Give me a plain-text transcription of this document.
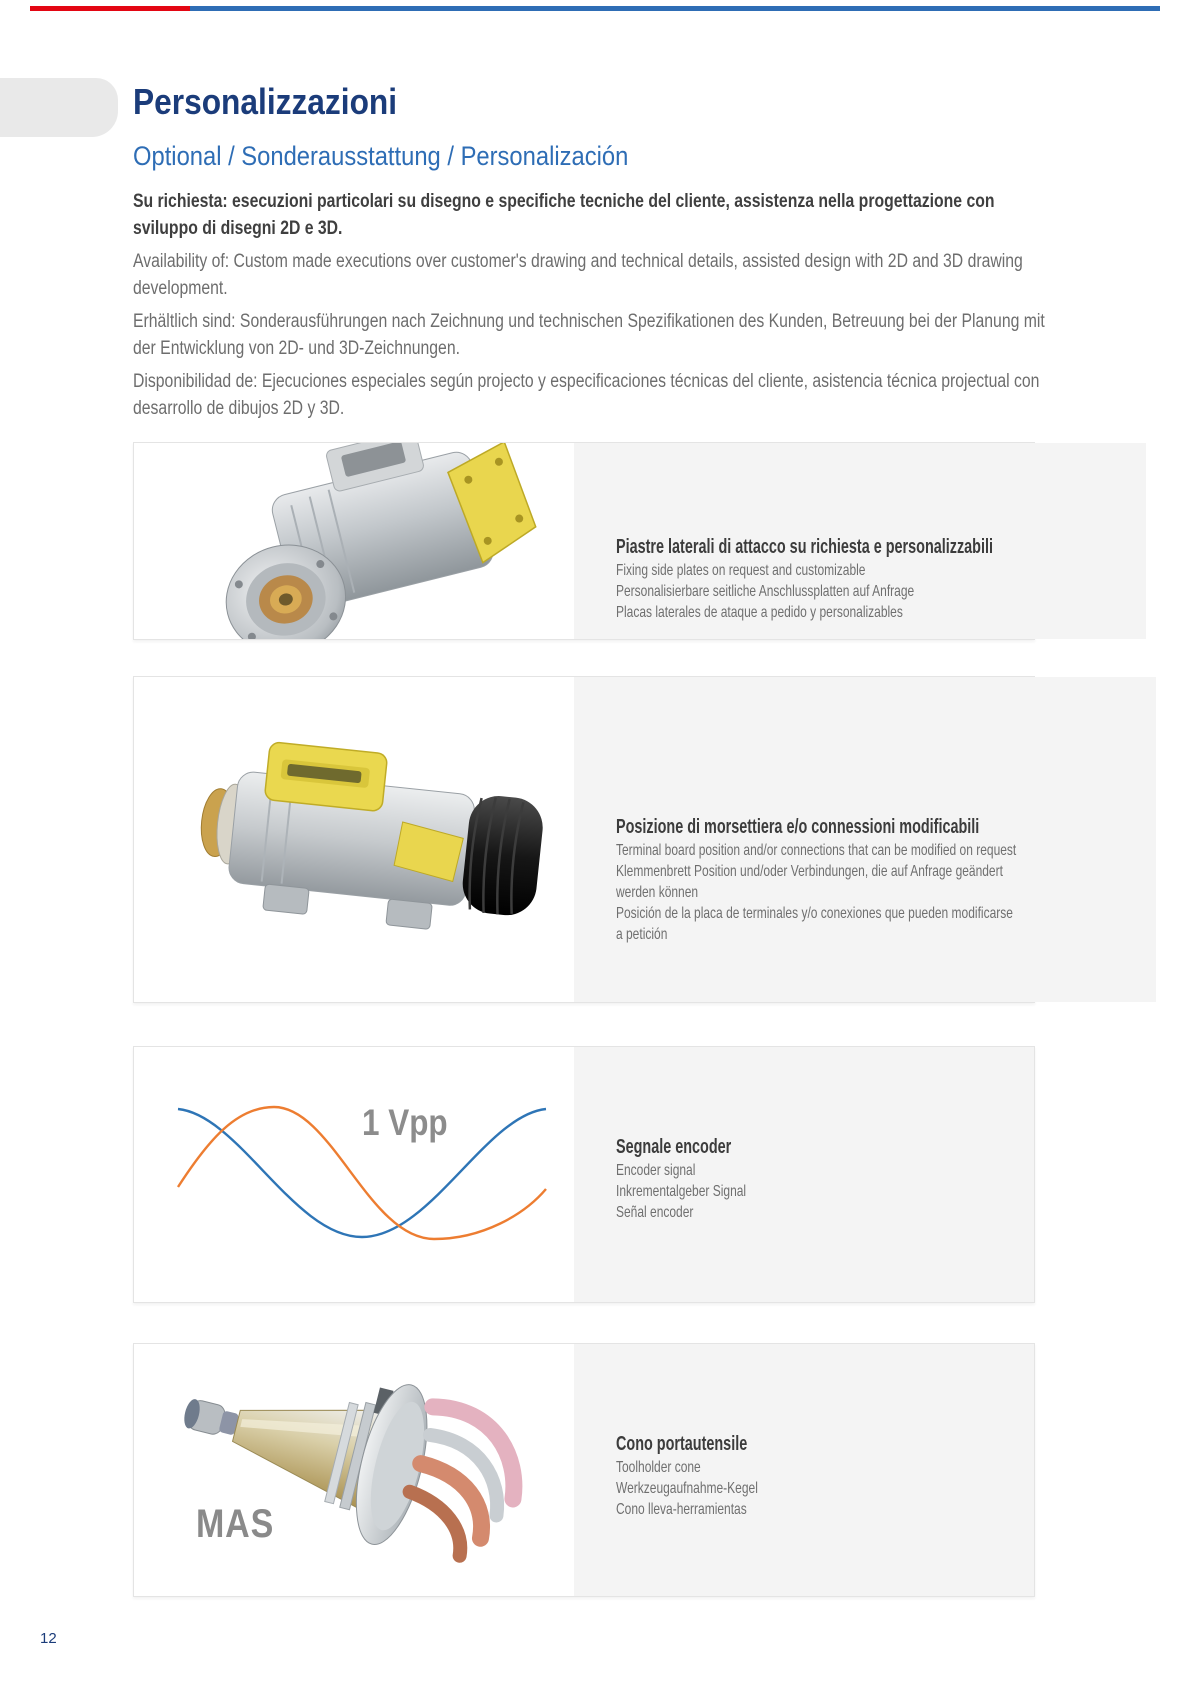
Personalizzazioni
Optional / Sonderausstattung / Personalización
Su richiesta: esecuzioni particolari su disegno e specifiche tecniche del cliente, assistenza nella progettazione con
sviluppo di disegni 2D e 3D.
Availability of: Custom made executions over customer's drawing and technical details, assisted design with 2D and 3D drawing
development.
Erhältlich sind: Sonderausführungen nach Zeichnung und technischen Spezifikationen des Kunden, Betreuung bei der Planung mit
der Entwicklung von 2D- und 3D-Zeichnungen.
Disponibilidad de: Ejecuciones especiales según projecto y especificaciones técnicas del cliente, asistencia técnica projectual con
desarrollo de dibujos 2D y 3D.
Piastre laterali di attacco su richiesta e personalizzabili
Fixing side plates on request and customizable
Personalisierbare seitliche Anschlussplatten auf Anfrage
Placas laterales de ataque a pedido y personalizables
Posizione di morsettiera e/o connessioni modificabili
Terminal board position and/or connections that can be modified on request
Klemmenbrett Position und/oder Verbindungen, die auf Anfrage geändert
werden können
Posición de la placa de terminales y/o conexiones que pueden modificarse
a petición
1 Vpp
Segnale encoder
Encoder signal
Inkrementalgeber Signal
Señal encoder
MAS
Cono portautensile
Toolholder cone
Werkzeugaufnahme-Kegel
Cono lleva-herramientas
12
